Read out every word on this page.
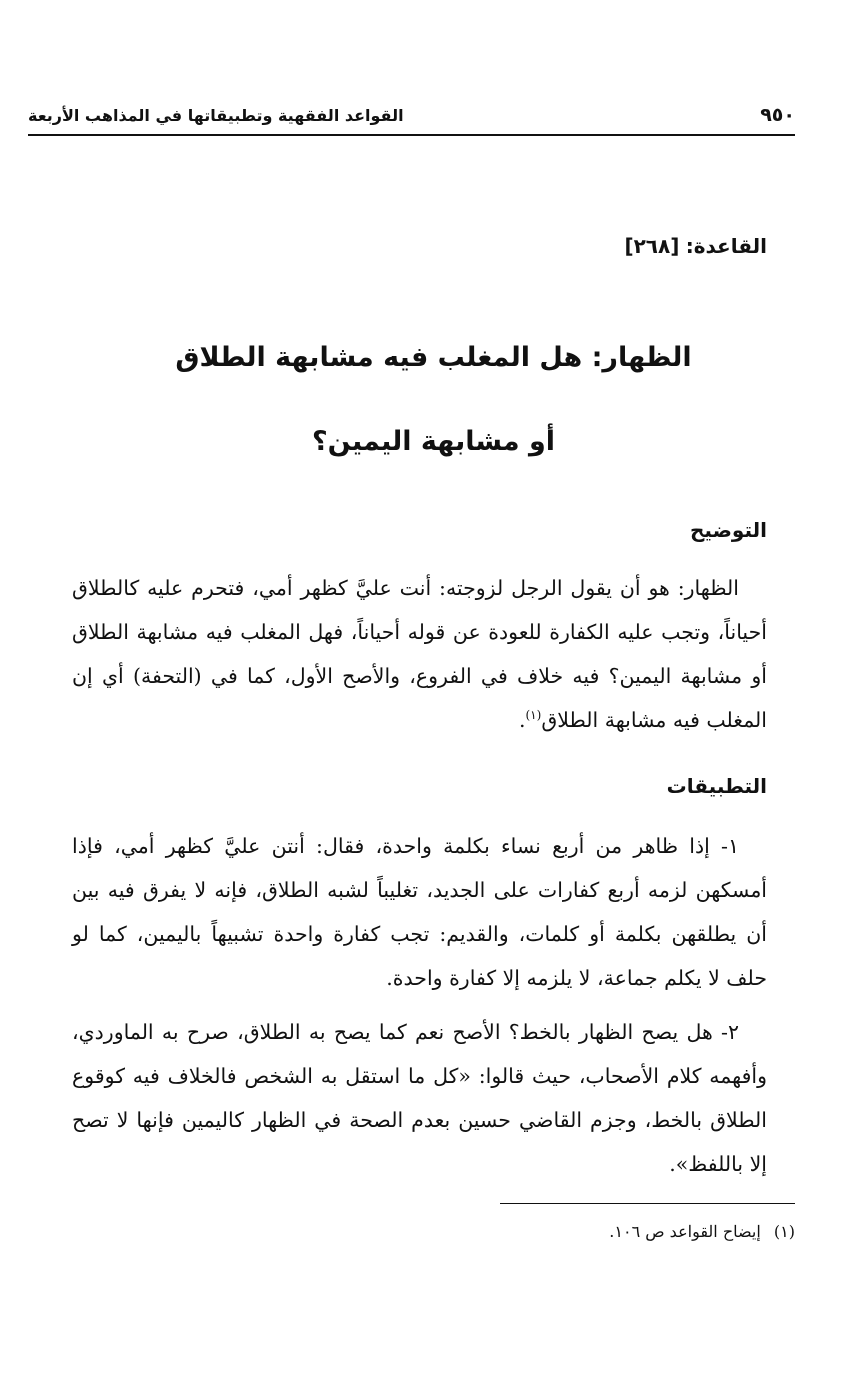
٩٥٠
القواعد الفقهية وتطبيقاتها في المذاهب الأربعة
القاعدة: [٢٦٨]
الظهار: هل المغلب فيه مشابهة الطلاق
أو مشابهة اليمين؟
التوضيح

الظهار: هو أن يقول الرجل لزوجته: أنت عليَّ كظهر أمي، فتحرم عليه كالطلاق أحياناً، وتجب عليه الكفارة للعودة عن قوله أحياناً، فهل المغلب فيه مشابهة الطلاق أو مشابهة اليمين؟ فيه خلاف في الفروع، والأصح الأول، كما في (التحفة) أي إن المغلب فيه مشابهة الطلاق$^{(١)}$.

التطبيقات

١- إذا ظاهر من أربع نساء بكلمة واحدة، فقال: أنتن عليَّ كظهر أمي، فإذا أمسكهن لزمه أربع كفارات على الجديد، تغليباً لشبه الطلاق، فإنه لا يفرق فيه بين أن يطلقهن بكلمة أو كلمات، والقديم: تجب كفارة واحدة تشبيهاً باليمين، كما لو حلف لا يكلم جماعة، لا يلزمه إلا كفارة واحدة.

٢- هل يصح الظهار بالخط؟ الأصح نعم كما يصح به الطلاق، صرح به الماوردي، وأفهمه كلام الأصحاب، حيث قالوا: «كل ما استقل به الشخص فالخلاف فيه كوقوع الطلاق بالخط، وجزم القاضي حسين بعدم الصحة في الظهار كاليمين فإنها لا تصح إلا باللفظ».

(١) إيضاح القواعد ص ١٠٦.
